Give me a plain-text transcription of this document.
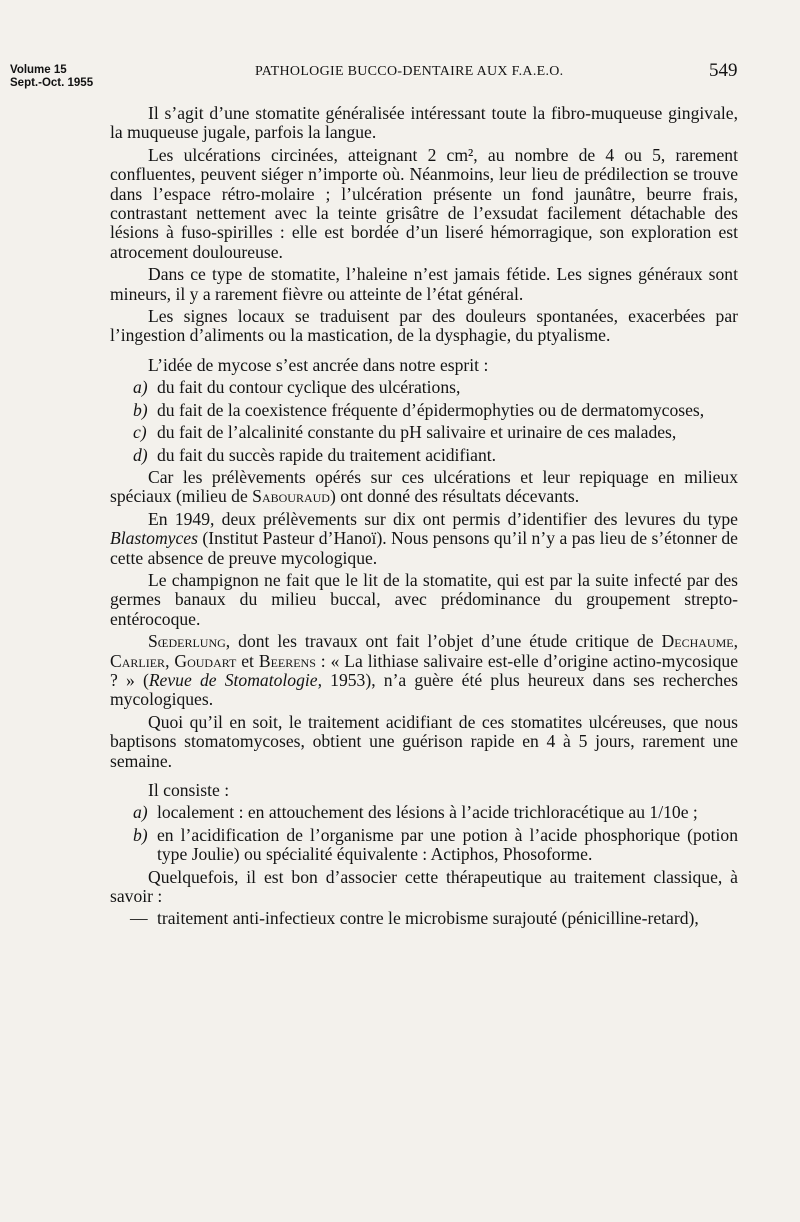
Volume 15
Sept.-Oct. 1955
PATHOLOGIE BUCCO-DENTAIRE AUX F.A.E.O.	549

Il s’agit d’une stomatite généralisée intéressant toute la fibro-muqueuse gingivale, la muqueuse jugale, parfois la langue.

Les ulcérations circinées, atteignant 2 cm², au nombre de 4 ou 5, rarement confluentes, peuvent siéger n’importe où. Néanmoins, leur lieu de prédilection se trouve dans l’espace rétro-molaire ; l’ulcération présente un fond jaunâtre, beurre frais, contrastant nettement avec la teinte grisâtre de l’exsudat facilement détachable des lésions à fuso-spirilles : elle est bordée d’un liseré hémorragique, son exploration est atrocement douloureuse.

Dans ce type de stomatite, l’haleine n’est jamais fétide. Les signes généraux sont mineurs, il y a rarement fièvre ou atteinte de l’état général.

Les signes locaux se traduisent par des douleurs spontanées, exacerbées par l’ingestion d’aliments ou la mastication, de la dysphagie, du ptyalisme.

L’idée de mycose s’est ancrée dans notre esprit :

a) du fait du contour cyclique des ulcérations,
b) du fait de la coexistence fréquente d’épidermophyties ou de dermatomycoses,
c) du fait de l’alcalinité constante du pH salivaire et urinaire de ces malades,
d) du fait du succès rapide du traitement acidifiant.

Car les prélèvements opérés sur ces ulcérations et leur repiquage en milieux spéciaux (milieu de Sabouraud) ont donné des résultats décevants.

En 1949, deux prélèvements sur dix ont permis d’identifier des levures du type Blastomyces (Institut Pasteur d’Hanoï). Nous pensons qu’il n’y a pas lieu de s’étonner de cette absence de preuve mycologique.

Le champignon ne fait que le lit de la stomatite, qui est par la suite infecté par des germes banaux du milieu buccal, avec prédominance du groupement strepto-entérocoque.

Sœderlung, dont les travaux ont fait l’objet d’une étude critique de Dechaume, Carlier, Goudart et Beerens : « La lithiase salivaire est-elle d’origine actino-mycosique ? » (Revue de Stomatologie, 1953), n’a guère été plus heureux dans ses recherches mycologiques.

Quoi qu’il en soit, le traitement acidifiant de ces stomatites ulcéreuses, que nous baptisons stomatomycoses, obtient une guérison rapide en 4 à 5 jours, rarement une semaine.

Il consiste :

a) localement : en attouchement des lésions à l’acide trichloracétique au 1/10e ;
b) en l’acidification de l’organisme par une potion à l’acide phosphorique (potion type Joulie) ou spécialité équivalente : Actiphos, Phosoforme.

Quelquefois, il est bon d’associer cette thérapeutique au traitement classique, à savoir :

— traitement anti-infectieux contre le microbisme surajouté (pénicilline-retard),
